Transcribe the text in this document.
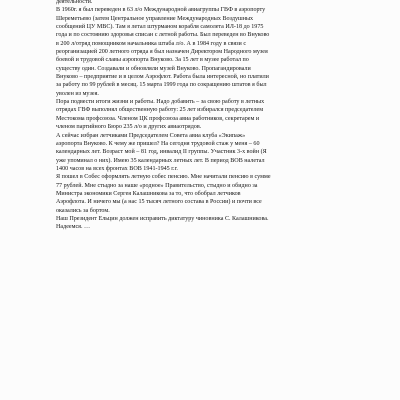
деятельности.
В 1960г. я был переведен в 63 л/о Международной авиагруппы ГВФ в аэропорту
Шереметьево (затем Центральное управление Международных Воздушных
сообщений ЦУ МВС). Там я летал штурманом корабля самолета ИЛ-18 до 1975
года и по состоянию здоровья списан с летной работы. Был переведен во Внуково
в 200 л/отряд помощником начальника штаба л/о. А в 1984 году в связи с
реорганизацией 200 летного отряда я был назначен Директором Народного музея
боевой и трудовой славы аэропорта Внуково. За 15 лет в музее работал по
существу один. Создавали и обновляли музей Внуково. Пропагандировали
Внуково – предприятие и в целом Аэрофлот. Работа была интересной, но платили
за работу по 99 рублей в месяц. 15 марта 1999 года по сокращению штатов я был
уволен из музея.
Пора подвести итоги жизни и работы. Надо добавить – за свою работу в летных
отрядах ГВФ выполнял общественную работу: 25 лет избирался председателем
Местокома профсоюза. Членом ЦК профсоюза авиа работников, секретарем и
членом партийного Бюро 235 л/о и других авиаотрядов.
А сейчас избран летчиками Председателем Совета авиа клуба «Экипаж»
аэропорта Внуково. К чему же пришел? На сегодня трудовой стаж у меня – 60
календарных лет. Возраст мой – 81 год, инвалид II группы. Участник 3-х войн (Я
уже упоминал о них). Имею 35 календарных летных лет. В период ВОВ налетал
1400 часов на всех фронтах ВОВ 1941-1945 г.г.
Я пошел в Собес оформлять летную собес пенсию. Мне начитали пенсию в сумме
77 рублей. Мне стыдно за наше «родное» Правительство, стыдно и обидно за
Министра экономики Сергея Калашникова за то, что обобрал летчиков
Аэрофлота. И ничего мы (а нас 15 тысяч летного состава в России) и почти все
оказались за бортом.
Наш Президент Ельцин должен исправить диктатуру чиновника С. Калашникова.
Надеемся. …
